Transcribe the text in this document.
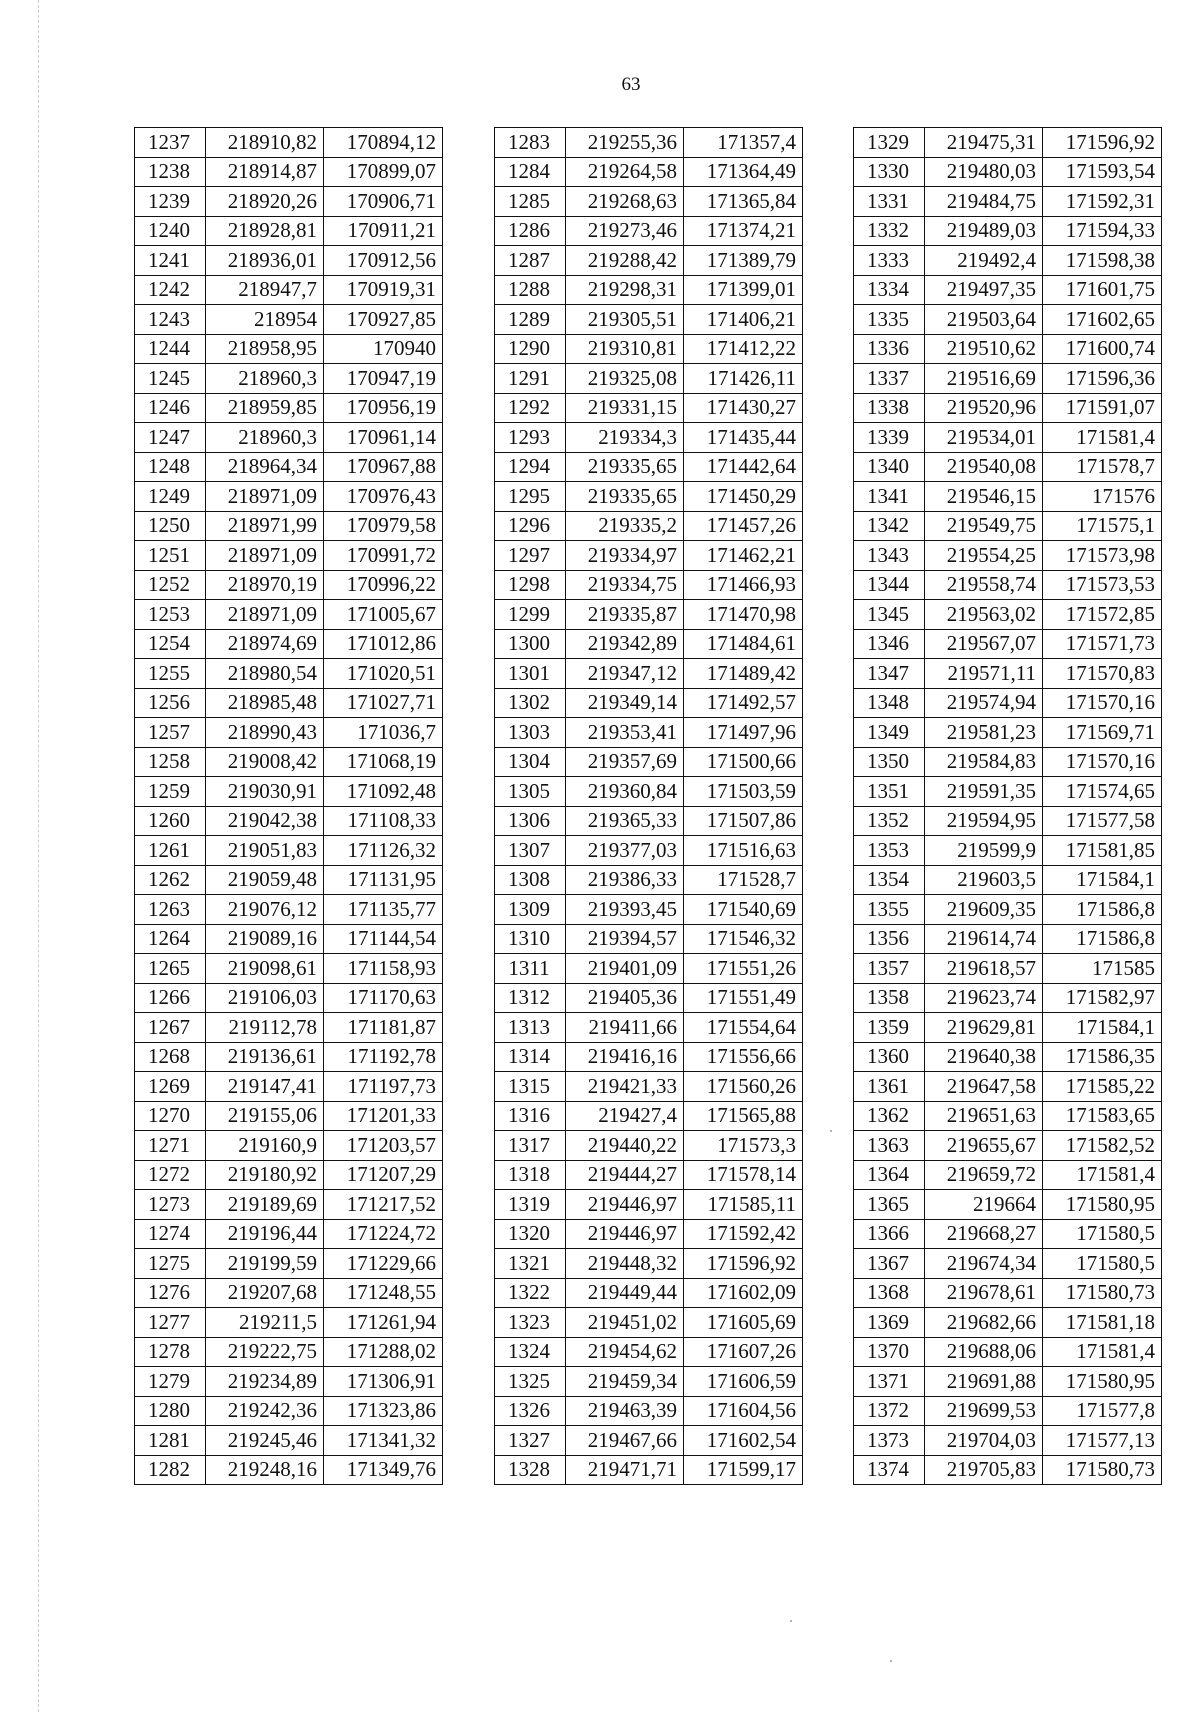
63
1237	218910,82	170894,12
1238	218914,87	170899,07
1239	218920,26	170906,71
1240	218928,81	170911,21
1241	218936,01	170912,56
1242	218947,7	170919,31
1243	218954	170927,85
1244	218958,95	170940
1245	218960,3	170947,19
1246	218959,85	170956,19
1247	218960,3	170961,14
1248	218964,34	170967,88
1249	218971,09	170976,43
1250	218971,99	170979,58
1251	218971,09	170991,72
1252	218970,19	170996,22
1253	218971,09	171005,67
1254	218974,69	171012,86
1255	218980,54	171020,51
1256	218985,48	171027,71
1257	218990,43	171036,7
1258	219008,42	171068,19
1259	219030,91	171092,48
1260	219042,38	171108,33
1261	219051,83	171126,32
1262	219059,48	171131,95
1263	219076,12	171135,77
1264	219089,16	171144,54
1265	219098,61	171158,93
1266	219106,03	171170,63
1267	219112,78	171181,87
1268	219136,61	171192,78
1269	219147,41	171197,73
1270	219155,06	171201,33
1271	219160,9	171203,57
1272	219180,92	171207,29
1273	219189,69	171217,52
1274	219196,44	171224,72
1275	219199,59	171229,66
1276	219207,68	171248,55
1277	219211,5	171261,94
1278	219222,75	171288,02
1279	219234,89	171306,91
1280	219242,36	171323,86
1281	219245,46	171341,32
1282	219248,16	171349,76
1283	219255,36	171357,4
1284	219264,58	171364,49
1285	219268,63	171365,84
1286	219273,46	171374,21
1287	219288,42	171389,79
1288	219298,31	171399,01
1289	219305,51	171406,21
1290	219310,81	171412,22
1291	219325,08	171426,11
1292	219331,15	171430,27
1293	219334,3	171435,44
1294	219335,65	171442,64
1295	219335,65	171450,29
1296	219335,2	171457,26
1297	219334,97	171462,21
1298	219334,75	171466,93
1299	219335,87	171470,98
1300	219342,89	171484,61
1301	219347,12	171489,42
1302	219349,14	171492,57
1303	219353,41	171497,96
1304	219357,69	171500,66
1305	219360,84	171503,59
1306	219365,33	171507,86
1307	219377,03	171516,63
1308	219386,33	171528,7
1309	219393,45	171540,69
1310	219394,57	171546,32
1311	219401,09	171551,26
1312	219405,36	171551,49
1313	219411,66	171554,64
1314	219416,16	171556,66
1315	219421,33	171560,26
1316	219427,4	171565,88
1317	219440,22	171573,3
1318	219444,27	171578,14
1319	219446,97	171585,11
1320	219446,97	171592,42
1321	219448,32	171596,92
1322	219449,44	171602,09
1323	219451,02	171605,69
1324	219454,62	171607,26
1325	219459,34	171606,59
1326	219463,39	171604,56
1327	219467,66	171602,54
1328	219471,71	171599,17
1329	219475,31	171596,92
1330	219480,03	171593,54
1331	219484,75	171592,31
1332	219489,03	171594,33
1333	219492,4	171598,38
1334	219497,35	171601,75
1335	219503,64	171602,65
1336	219510,62	171600,74
1337	219516,69	171596,36
1338	219520,96	171591,07
1339	219534,01	171581,4
1340	219540,08	171578,7
1341	219546,15	171576
1342	219549,75	171575,1
1343	219554,25	171573,98
1344	219558,74	171573,53
1345	219563,02	171572,85
1346	219567,07	171571,73
1347	219571,11	171570,83
1348	219574,94	171570,16
1349	219581,23	171569,71
1350	219584,83	171570,16
1351	219591,35	171574,65
1352	219594,95	171577,58
1353	219599,9	171581,85
1354	219603,5	171584,1
1355	219609,35	171586,8
1356	219614,74	171586,8
1357	219618,57	171585
1358	219623,74	171582,97
1359	219629,81	171584,1
1360	219640,38	171586,35
1361	219647,58	171585,22
1362	219651,63	171583,65
1363	219655,67	171582,52
1364	219659,72	171581,4
1365	219664	171580,95
1366	219668,27	171580,5
1367	219674,34	171580,5
1368	219678,61	171580,73
1369	219682,66	171581,18
1370	219688,06	171581,4
1371	219691,88	171580,95
1372	219699,53	171577,8
1373	219704,03	171577,13
1374	219705,83	171580,73
